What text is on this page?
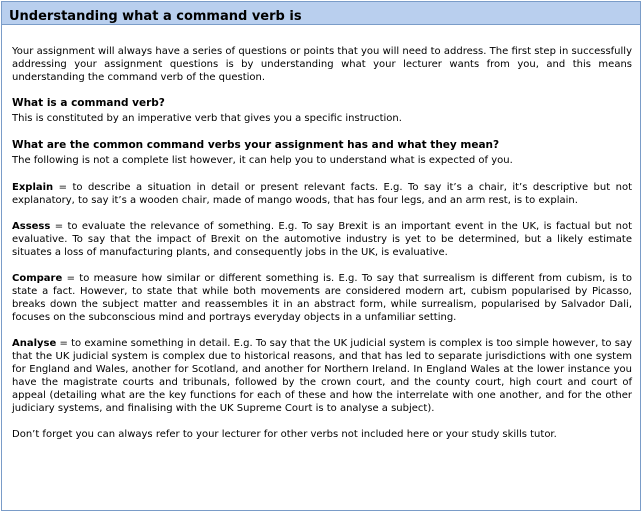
Understanding what a command verb is

Your assignment will always have a series of questions or points that you will need to address. The first step in successfully addressing your assignment questions is by understanding what your lecturer wants from you, and this means understanding the command verb of the question.

What is a command verb?

This is constituted by an imperative verb that gives you a specific instruction.

What are the common command verbs your assignment has and what they mean?

The following is not a complete list however, it can help you to understand what is expected of you.

Explain = to describe a situation in detail or present relevant facts. E.g. To say it’s a chair, it’s descriptive but not explanatory, to say it’s a wooden chair, made of mango woods, that has four legs, and an arm rest, is to explain.

Assess = to evaluate the relevance of something. E.g. To say Brexit is an important event in the UK, is factual but not evaluative. To say that the impact of Brexit on the automotive industry is yet to be determined, but a likely estimate situates a loss of manufacturing plants, and consequently jobs in the UK, is evaluative.

Compare = to measure how similar or different something is. E.g. To say that surrealism is different from cubism, is to state a fact. However, to state that while both movements are considered modern art, cubism popularised by Picasso, breaks down the subject matter and reassembles it in an abstract form, while surrealism, popularised by Salvador Dali, focuses on the subconscious mind and portrays everyday objects in a unfamiliar setting.

Analyse = to examine something in detail. E.g. To say that the UK judicial system is complex is too simple however, to say that the UK judicial system is complex due to historical reasons, and that has led to separate jurisdictions with one system for England and Wales, another for Scotland, and another for Northern Ireland. In England Wales at the lower instance you have the magistrate courts and tribunals, followed by the crown court, and the county court, high court and court of appeal (detailing what are the key functions for each of these and how the interrelate with one another, and for the other judiciary systems, and finalising with the UK Supreme Court is to analyse a subject).

Don’t forget you can always refer to your lecturer for other verbs not included here or your study skills tutor.
